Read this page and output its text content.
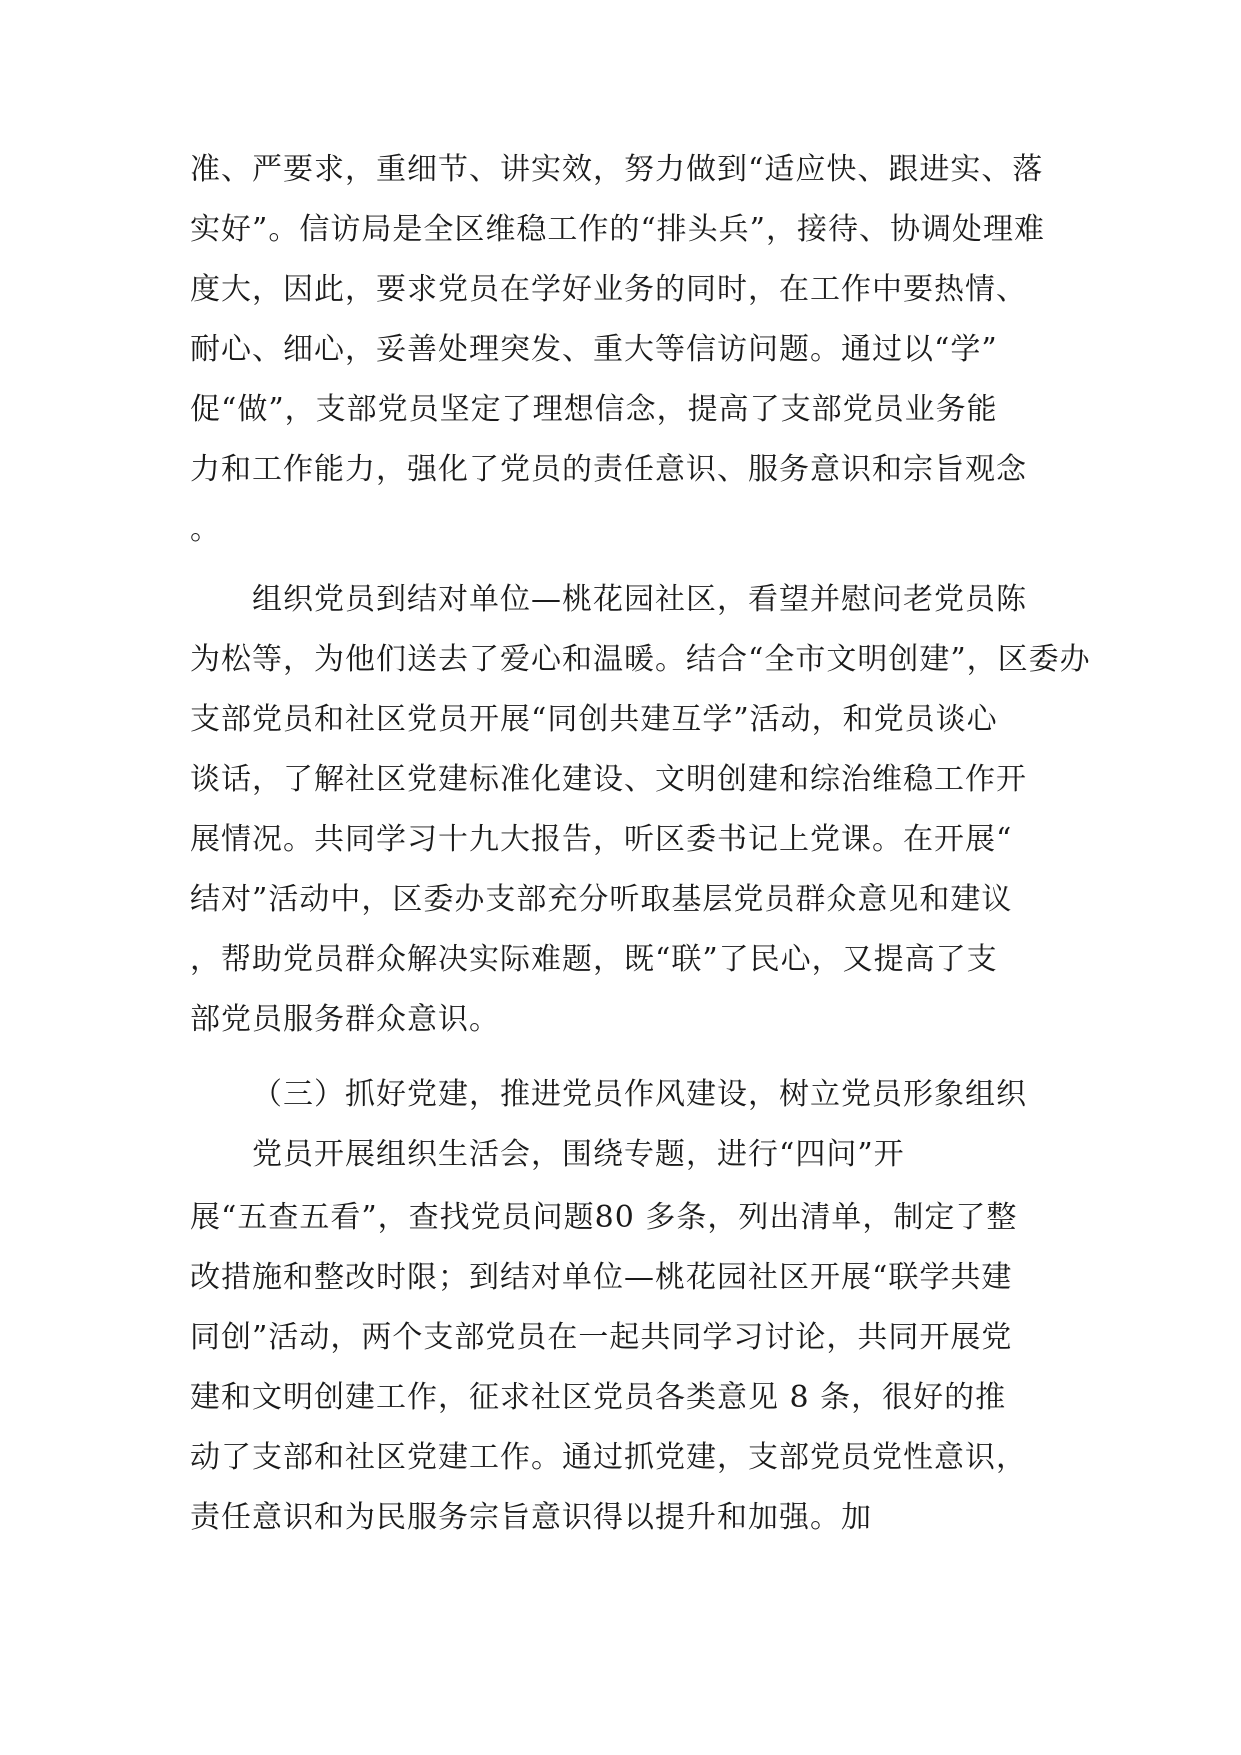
准、严要求，重细节、讲实效，努力做到“适应快、跟进实、落

实好”。信访局是全区维稳工作的“排头兵”，接待、协调处理难

度大，因此，要求党员在学好业务的同时，在工作中要热情、

耐心、细心，妥善处理突发、重大等信访问题。通过以“学”

促“做”，支部党员坚定了理想信念，提高了支部党员业务能

力和工作能力，强化了党员的责任意识、服务意识和宗旨观念

。

组织党员到结对单位—桃花园社区，看望并慰问老党员陈

为松等，为他们送去了爱心和温暖。结合“全市文明创建”，区委办

支部党员和社区党员开展“同创共建互学”活动，和党员谈心

谈话，了解社区党建标准化建设、文明创建和综治维稳工作开

展情况。共同学习十九大报告，听区委书记上党课。在开展“

结对”活动中，区委办支部充分听取基层党员群众意见和建议

，帮助党员群众解决实际难题，既“联”了民心，又提高了支

部党员服务群众意识。

（三）抓好党建，推进党员作风建设，树立党员形象组织

党员开展组织生活会，围绕专题，进行“四问”开

展“五查五看”，查找党员问题80 多条，列出清单，制定了整

改措施和整改时限；到结对单位—桃花园社区开展“联学共建

同创”活动，两个支部党员在一起共同学习讨论，共同开展党

建和文明创建工作，征求社区党员各类意见 8 条，很好的推

动了支部和社区党建工作。通过抓党建，支部党员党性意识，

责任意识和为民服务宗旨意识得以提升和加强。加
